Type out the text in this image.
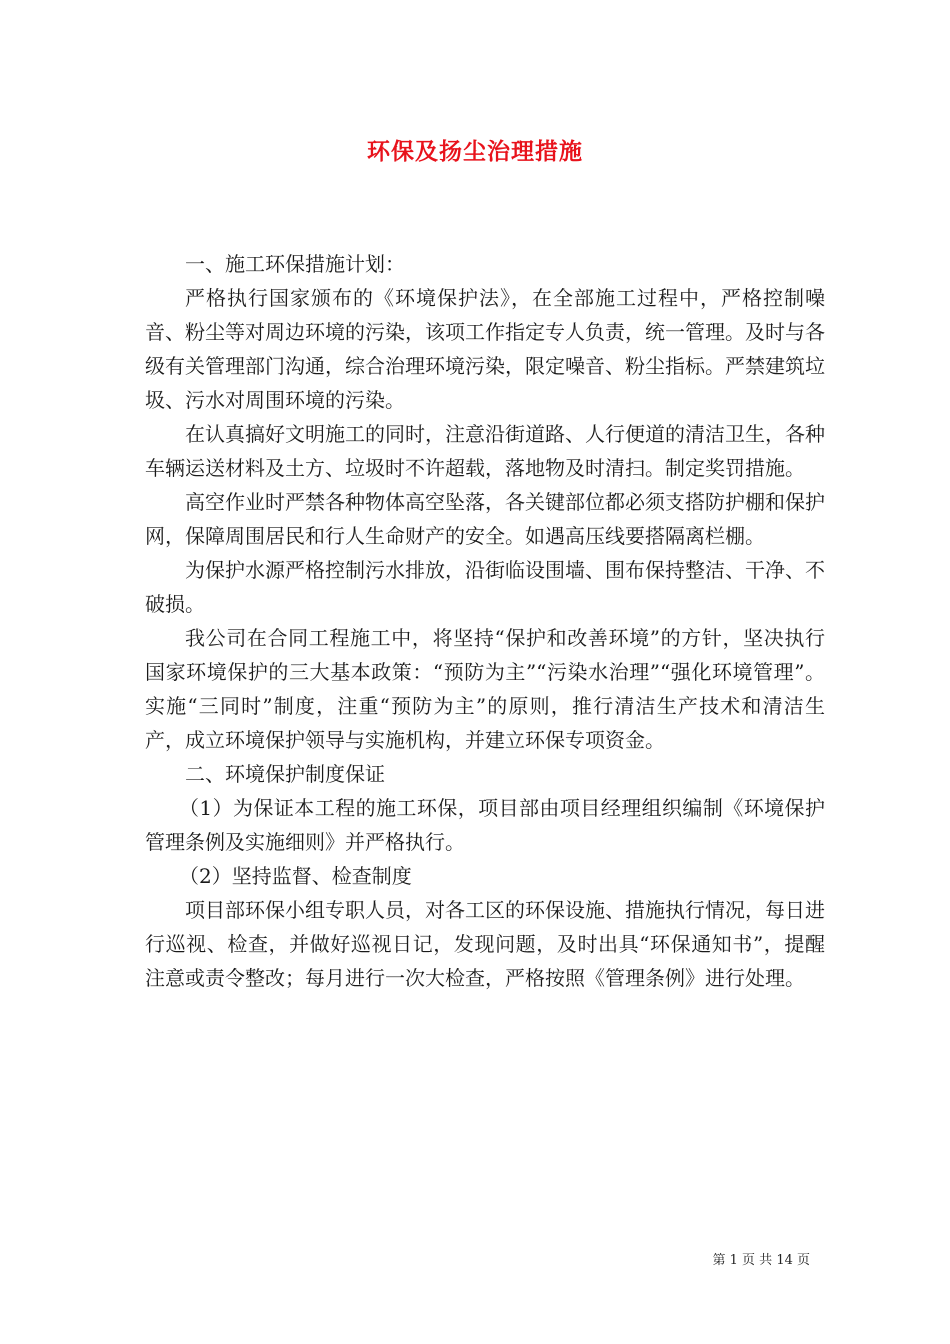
环保及扬尘治理措施

一、施工环保措施计划：

严格执行国家颁布的《环境保护法》，在全部施工过程中，严格控制噪音、粉尘等对周边环境的污染，该项工作指定专人负责，统一管理。及时与各级有关管理部门沟通，综合治理环境污染，限定噪音、粉尘指标。严禁建筑垃圾、污水对周围环境的污染。

在认真搞好文明施工的同时，注意沿街道路、人行便道的清洁卫生，各种车辆运送材料及土方、垃圾时不许超载，落地物及时清扫。制定奖罚措施。

高空作业时严禁各种物体高空坠落，各关键部位都必须支搭防护棚和保护网，保障周围居民和行人生命财产的安全。如遇高压线要搭隔离栏棚。

为保护水源严格控制污水排放，沿街临设围墙、围布保持整洁、干净、不破损。

我公司在合同工程施工中，将坚持“保护和改善环境”的方针，坚决执行国家环境保护的三大基本政策：“预防为主”“污染水治理”“强化环境管理”。实施“三同时”制度，注重“预防为主”的原则，推行清洁生产技术和清洁生产，成立环境保护领导与实施机构，并建立环保专项资金。

二、环境保护制度保证

（1）为保证本工程的施工环保，项目部由项目经理组织编制《环境保护管理条例及实施细则》并严格执行。

（2）坚持监督、检查制度

项目部环保小组专职人员，对各工区的环保设施、措施执行情况，每日进行巡视、检查，并做好巡视日记，发现问题，及时出具“环保通知书”，提醒注意或责令整改；每月进行一次大检查，严格按照《管理条例》进行处理。

第 1 页 共 14 页
